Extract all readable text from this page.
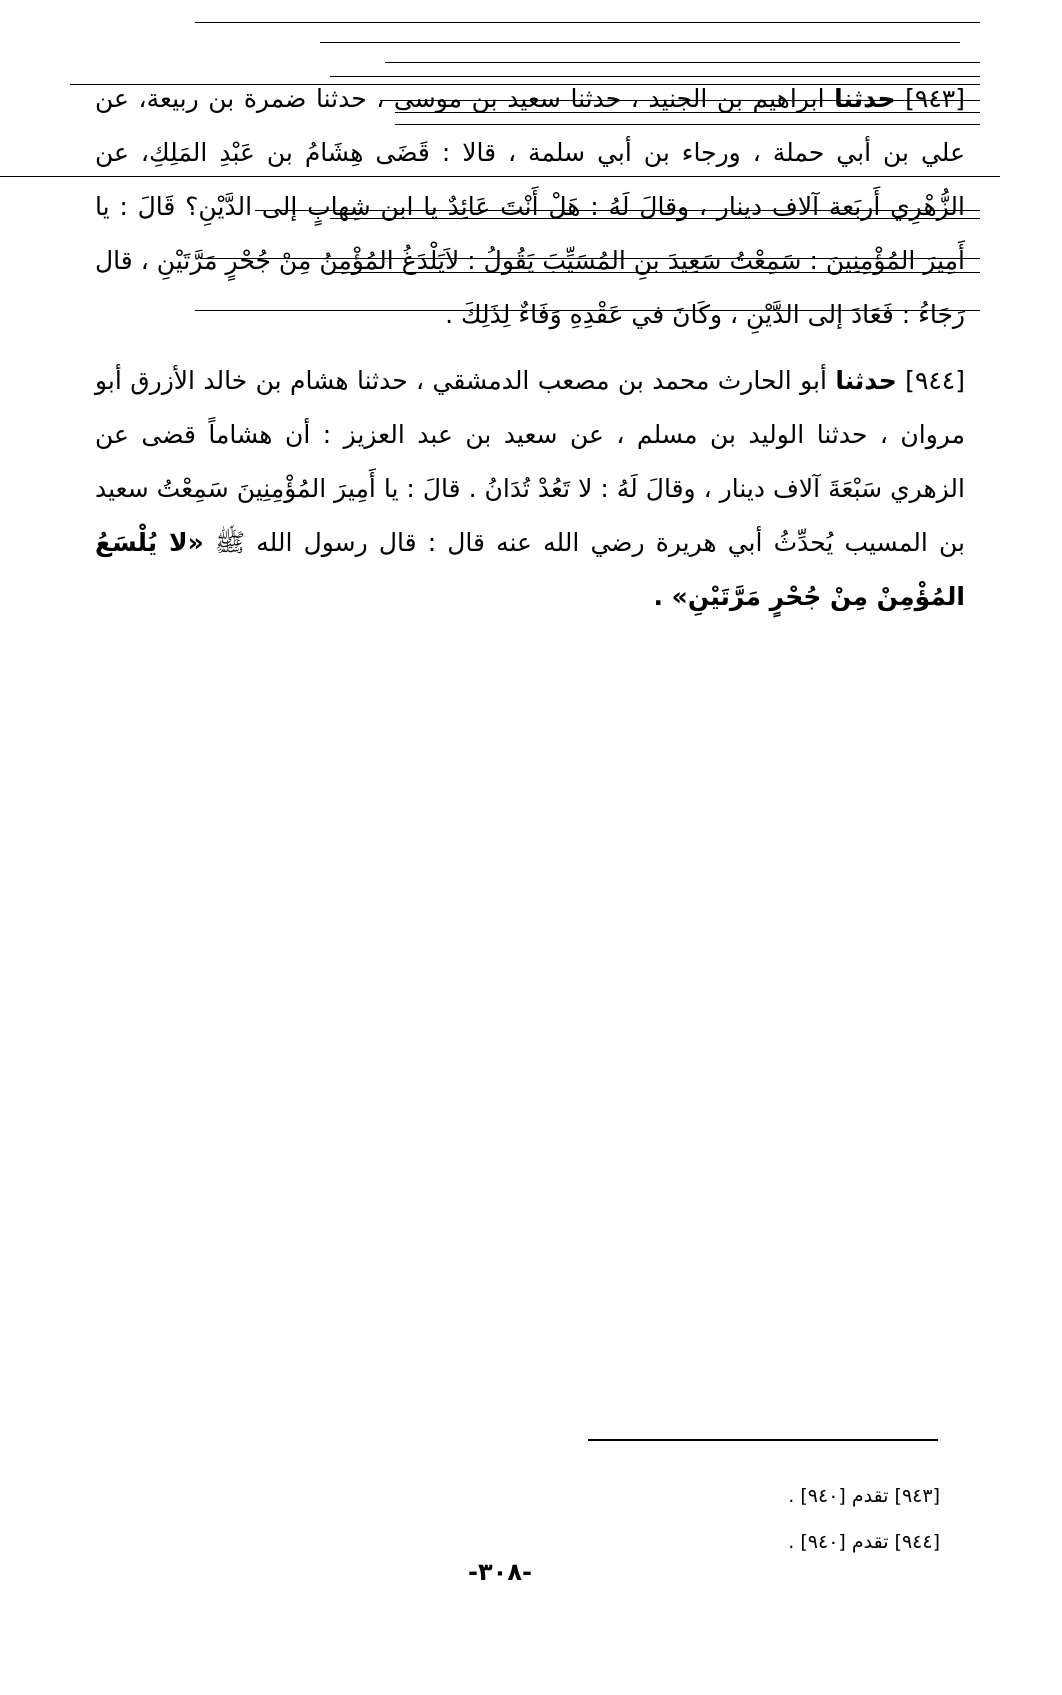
[٩٤٣] حدثنا ابراهيم بن الجنيد ، حدثنا سعيد بن موسى ، حدثنا ضمرة بن ربيعة، عن علي بن أبي حملة ، ورجاء بن أبي سلمة ، قالا : قَضَى هِشَامُ بن عَبْدِ المَلِكِ، عن الزُّهْرِي أَربَعة آلاف دينار ، وقالَ لَهُ : هَلْ أَنْتَ عَائِدٌ يا ابن شِهابٍ إلى الدَّيْنِ؟ قَالَ : يا أَمِيرَ المُؤْمِنِينَ : سَمِعْتُ سَعِيدَ بنِ المُسَيِّبَ يَقُولُ : لاَيَلْدَغُ المُؤْمِنُ مِنْ جُحْرٍ مَرَّتَيْنِ ، قال رَجَاءُ : فَعَادَ إلى الدَّيْنِ ، وكَانَ في عَقْدِهِ وَفَاءٌ لِذَلِكَ .

[٩٤٤] حدثنا أبو الحارث محمد بن مصعب الدمشقي ، حدثنا هشام بن خالد الأزرق أبو مروان ، حدثنا الوليد بن مسلم ، عن سعيد بن عبد العزيز : أن هشاماً قضى عن الزهري سَبْعَةَ آلاف دينار ، وقالَ لَهُ : لا تَعُدْ تُدَانُ . قالَ : يا أَمِيرَ المُؤْمِنِينَ سَمِعْتُ سعيد بن المسيب يُحدِّثُ أبي هريرة رضي الله عنه قال : قال رسول الله ﷺ «لا يُلْسَعُ المُؤْمِنْ مِنْ جُحْرٍ مَرَّتَيْنِ» .

[٩٤٣] تقدم [٩٤٠] .

[٩٤٤] تقدم [٩٤٠] .

-٣٠٨-
